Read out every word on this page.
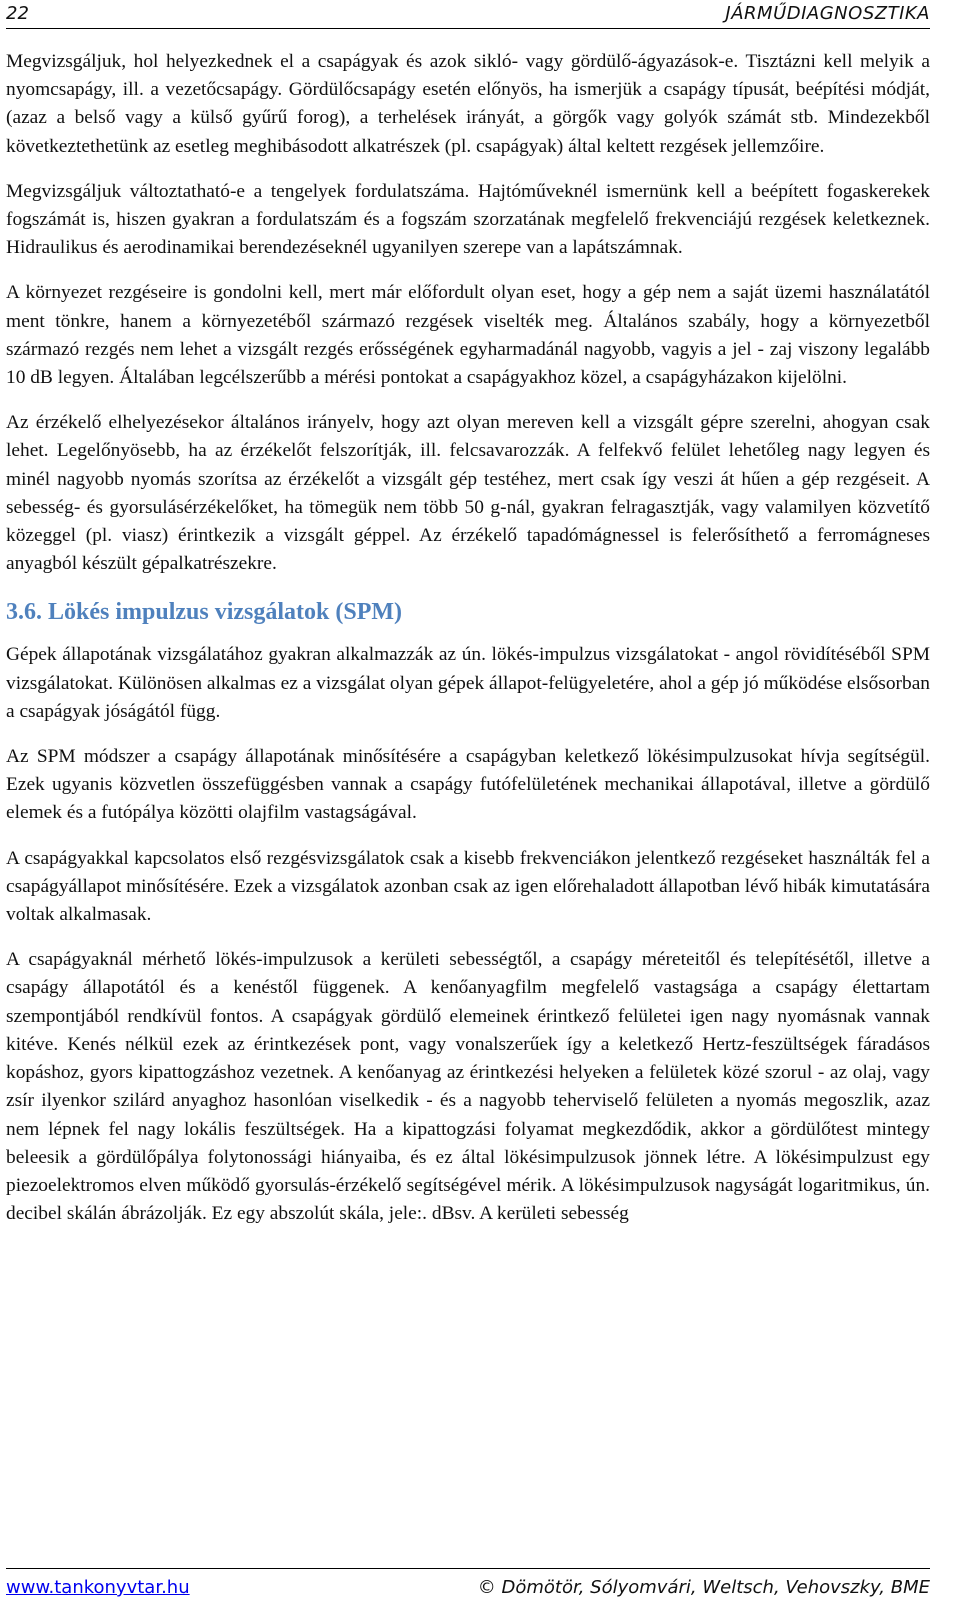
22	JÁRMŰDIAGNOSZTIKA

Megvizsgáljuk, hol helyezkednek el a csapágyak és azok sikló- vagy gördülő-ágyazások-e. Tisztázni kell melyik a nyomcsapágy, ill. a vezetőcsapágy. Gördülőcsapágy esetén előnyös, ha ismerjük a csapágy típusát, beépítési módját, (azaz a belső vagy a külső gyűrű forog), a terhelések irányát, a görgők vagy golyók számát stb. Mindezekből következtethetünk az esetleg meghibásodott alkatrészek (pl. csapágyak) által keltett rezgések jellemzőire.

Megvizsgáljuk változtatható-e a tengelyek fordulatszáma. Hajtóműveknél ismernünk kell a beépített fogaskerekek fogszámát is, hiszen gyakran a fordulatszám és a fogszám szorzatának megfelelő frekvenciájú rezgések keletkeznek. Hidraulikus és aerodinamikai berendezéseknél ugyanilyen szerepe van a lapátszámnak.

A környezet rezgéseire is gondolni kell, mert már előfordult olyan eset, hogy a gép nem a saját üzemi használatától ment tönkre, hanem a környezetéből származó rezgések viselték meg. Általános szabály, hogy a környezetből származó rezgés nem lehet a vizsgált rezgés erősségének egyharmadánál nagyobb, vagyis a jel - zaj viszony legalább 10 dB legyen. Általában legcélszerűbb a mérési pontokat a csapágyakhoz közel, a csapágyházakon kijelölni.

Az érzékelő elhelyezésekor általános irányelv, hogy azt olyan mereven kell a vizsgált gépre szerelni, ahogyan csak lehet. Legelőnyösebb, ha az érzékelőt felszorítják, ill. felcsavarozzák. A felfekvő felület lehetőleg nagy legyen és minél nagyobb nyomás szorítsa az érzékelőt a vizsgált gép testéhez, mert csak így veszi át hűen a gép rezgéseit. A sebesség- és gyorsulásérzékelőket, ha tömegük nem több 50 g-nál, gyakran felragasztják, vagy valamilyen közvetítő közeggel (pl. viasz) érintkezik a vizsgált géppel. Az érzékelő tapadómágnessel is felerősíthető a ferromágneses anyagból készült gépalkatrészekre.

3.6. Lökés impulzus vizsgálatok (SPM)

Gépek állapotának vizsgálatához gyakran alkalmazzák az ún. lökés-impulzus vizsgálatokat - angol rövidítéséből SPM vizsgálatokat. Különösen alkalmas ez a vizsgálat olyan gépek állapot-felügyeletére, ahol a gép jó működése elsősorban a csapágyak jóságától függ.

Az SPM módszer a csapágy állapotának minősítésére a csapágyban keletkező lökésimpulzusokat hívja segítségül. Ezek ugyanis közvetlen összefüggésben vannak a csapágy futófelületének mechanikai állapotával, illetve a gördülő elemek és a futópálya közötti olajfilm vastagságával.

A csapágyakkal kapcsolatos első rezgésvizsgálatok csak a kisebb frekvenciákon jelentkező rezgéseket használták fel a csapágyállapot minősítésére. Ezek a vizsgálatok azonban csak az igen előrehaladott állapotban lévő hibák kimutatására voltak alkalmasak.

A csapágyaknál mérhető lökés-impulzusok a kerületi sebességtől, a csapágy méreteitől és telepítésétől, illetve a csapágy állapotától és a kenéstől függenek. A kenőanyagfilm megfelelő vastagsága a csapágy élettartam szempontjából rendkívül fontos. A csapágyak gördülő elemeinek érintkező felületei igen nagy nyomásnak vannak kitéve. Kenés nélkül ezek az érintkezések pont, vagy vonalszerűek így a keletkező Hertz-feszültségek fáradásos kopáshoz, gyors kipattogzáshoz vezetnek. A kenőanyag az érintkezési helyeken a felületek közé szorul - az olaj, vagy zsír ilyenkor szilárd anyaghoz hasonlóan viselkedik - és a nagyobb teherviselő felületen a nyomás megoszlik, azaz nem lépnek fel nagy lokális feszültségek. Ha a kipattogzási folyamat megkezdődik, akkor a gördülőtest mintegy beleesik a gördülőpálya folytonossági hiányaiba, és ez által lökésimpulzusok jönnek létre. A lökésimpulzust egy piezoelektromos elven működő gyorsulás-érzékelő segítségével mérik. A lökésimpulzusok nagyságát logaritmikus, ún. decibel skálán ábrázolják. Ez egy abszolút skála, jele:. dBsv. A kerületi sebesség

www.tankonyvtar.hu	© Dömötör, Sólyomvári, Weltsch, Vehovszky, BME
